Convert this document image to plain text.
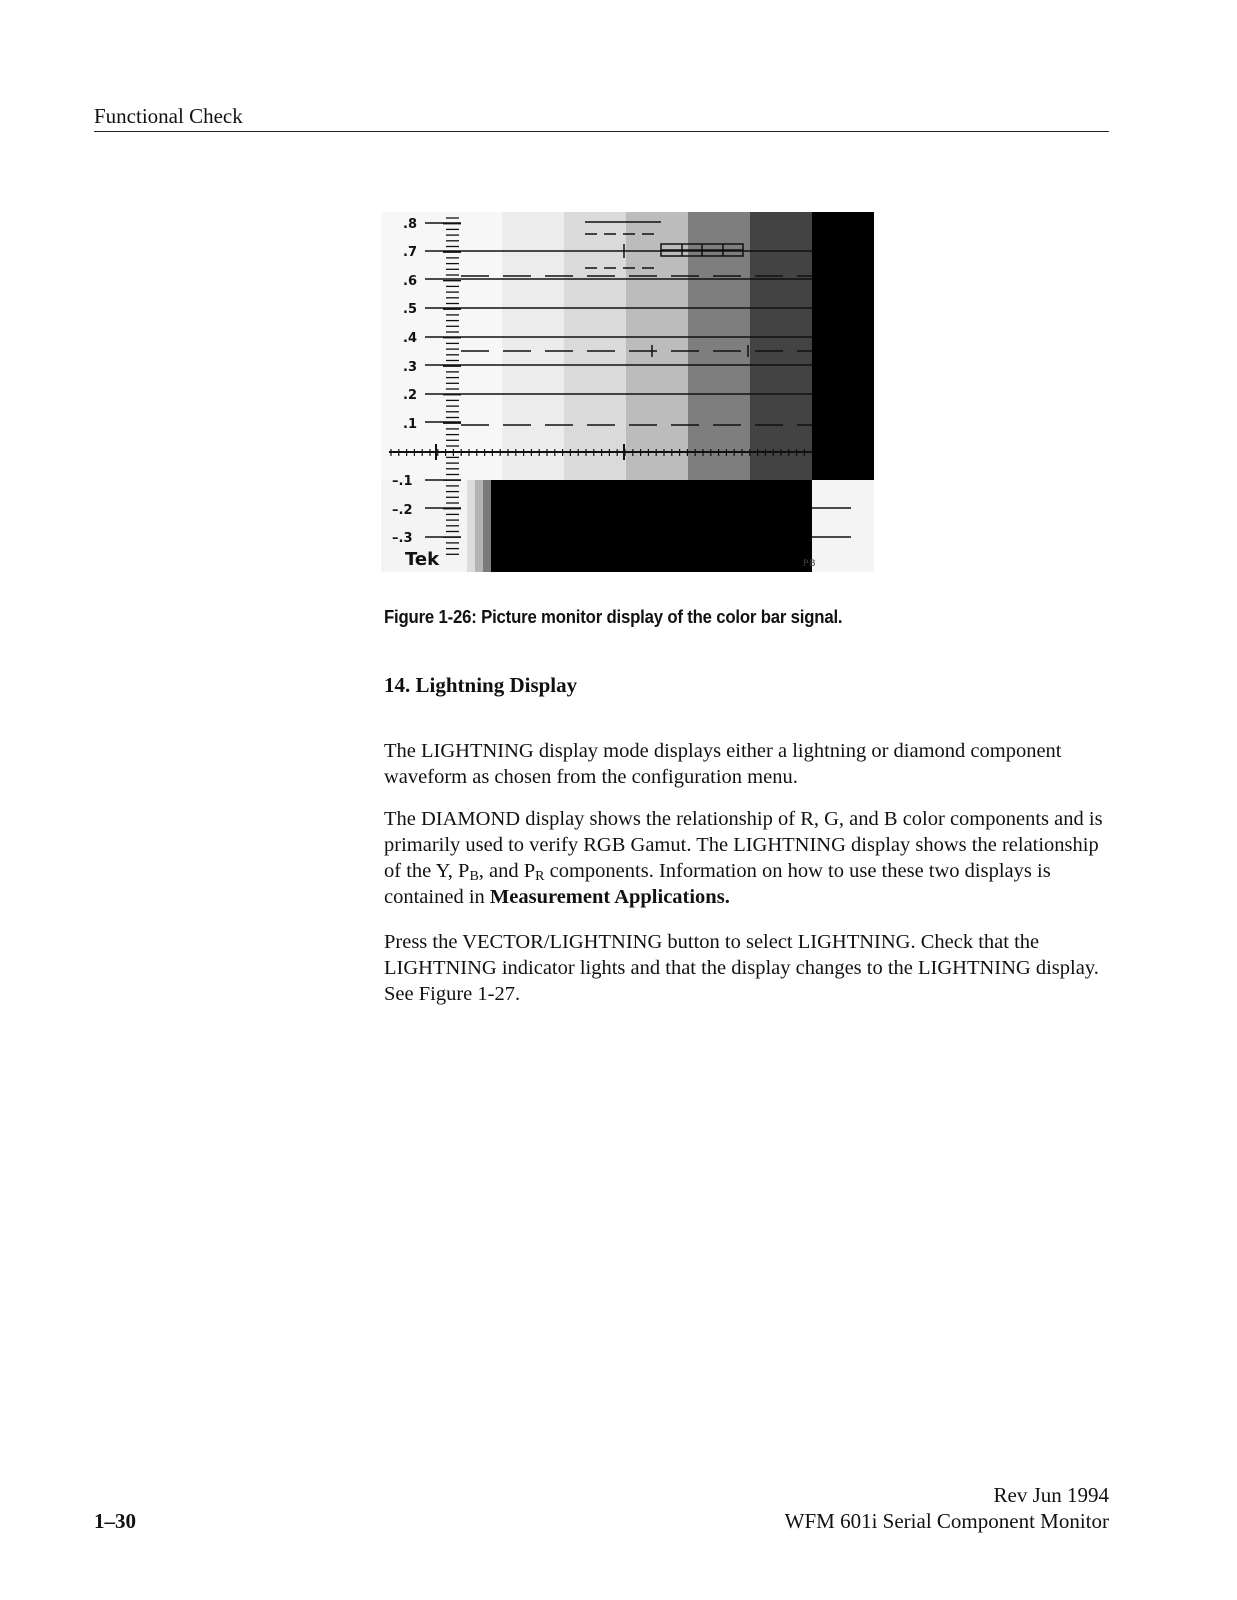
Functional Check
.8
.7
.6
.5
.4
.3
.2
.1
–.1
–.2
–.3
Tek	PB
Figure 1-26: Picture monitor display of the color bar signal.
14. Lightning Display

The LIGHTNING display mode displays either a lightning or diamond component waveform as chosen from the configuration menu.

The DIAMOND display shows the relationship of R, G, and B color components and is primarily used to verify RGB Gamut. The LIGHTNING display shows the relationship of the Y, $P_B$, and $P_R$ components. Information on how to use these two displays is contained in Measurement Applications.

Press the VECTOR/LIGHTNING button to select LIGHTNING. Check that the LIGHTNING indicator lights and that the display changes to the LIGHTNING display. See Figure 1-27.

1–30
Rev Jun 1994
WFM 601i Serial Component Monitor
